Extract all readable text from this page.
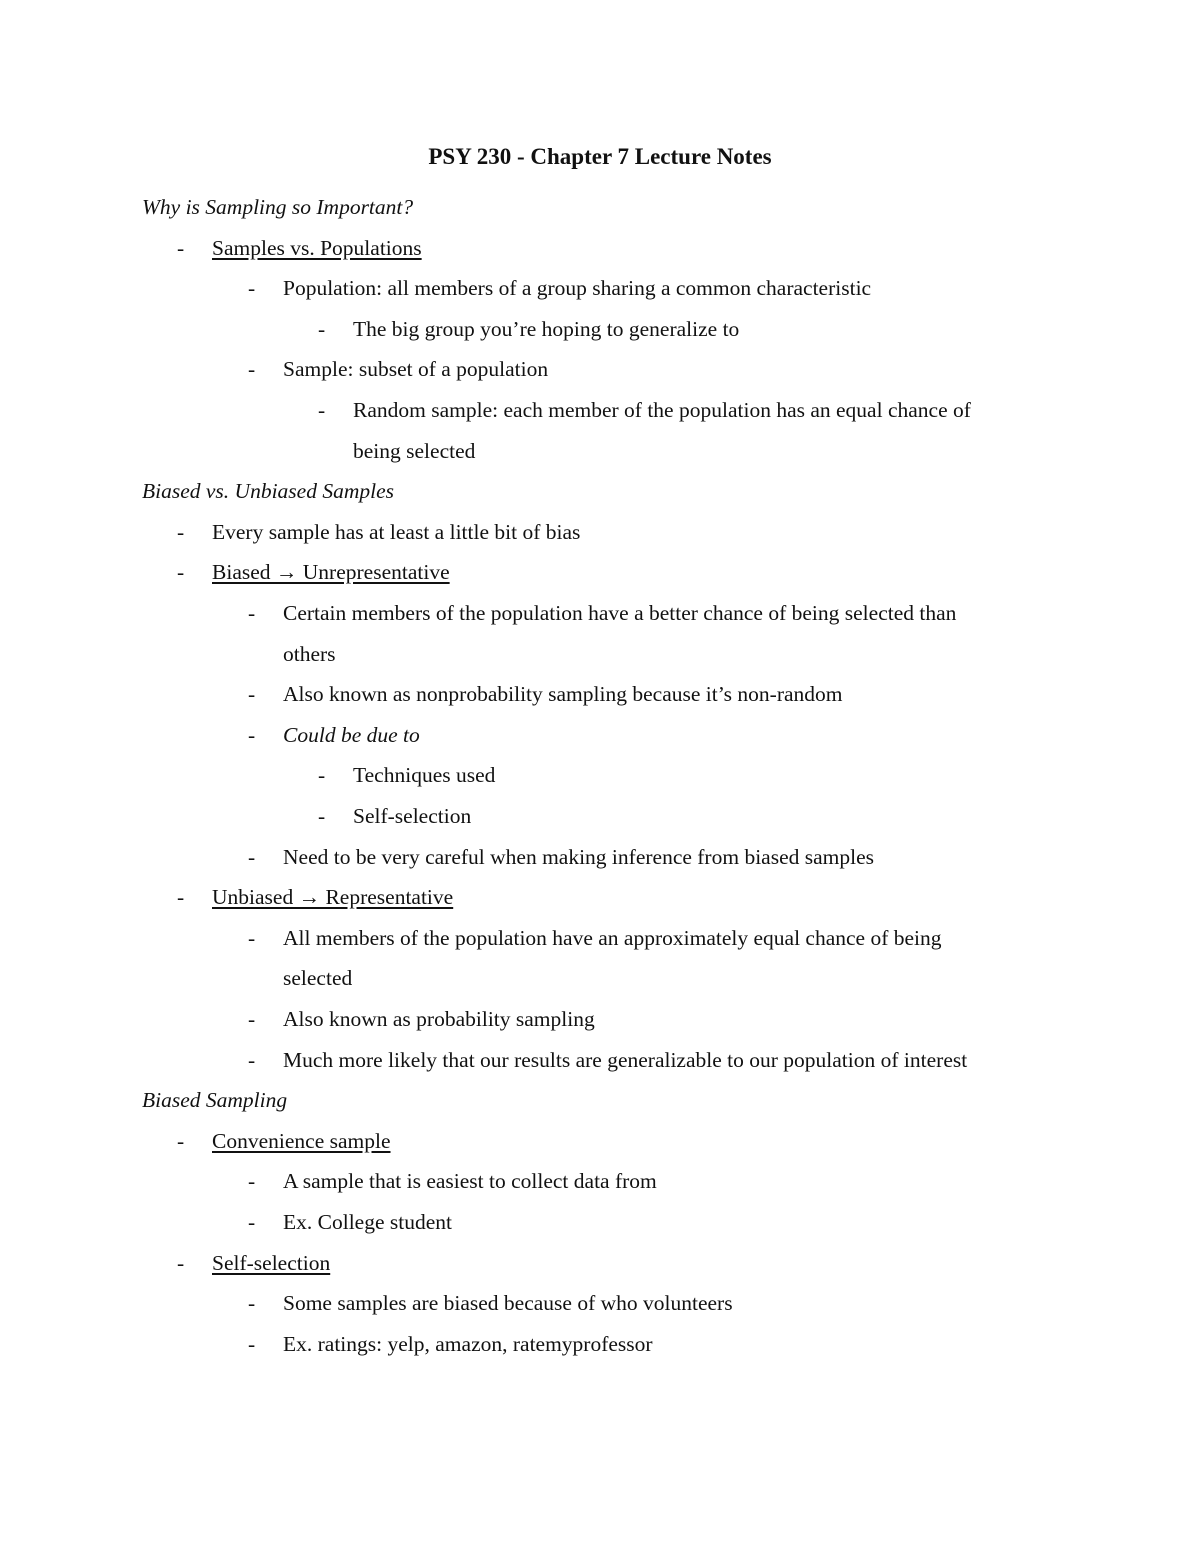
PSY 230 - Chapter 7 Lecture Notes
Why is Sampling so Important?
- Samples vs. Populations
- Population: all members of a group sharing a common characteristic
- The big group you’re hoping to generalize to
- Sample: subset of a population
- Random sample: each member of the population has an equal chance of
being selected
Biased vs. Unbiased Samples
- Every sample has at least a little bit of bias
- Biased → Unrepresentative
- Certain members of the population have a better chance of being selected than
others
- Also known as nonprobability sampling because it’s non-random
- Could be due to
- Techniques used
- Self-selection
- Need to be very careful when making inference from biased samples
- Unbiased → Representative
- All members of the population have an approximately equal chance of being
selected
- Also known as probability sampling
- Much more likely that our results are generalizable to our population of interest
Biased Sampling
- Convenience sample
- A sample that is easiest to collect data from
- Ex. College student
- Self-selection
- Some samples are biased because of who volunteers
- Ex. ratings: yelp, amazon, ratemyprofessor
